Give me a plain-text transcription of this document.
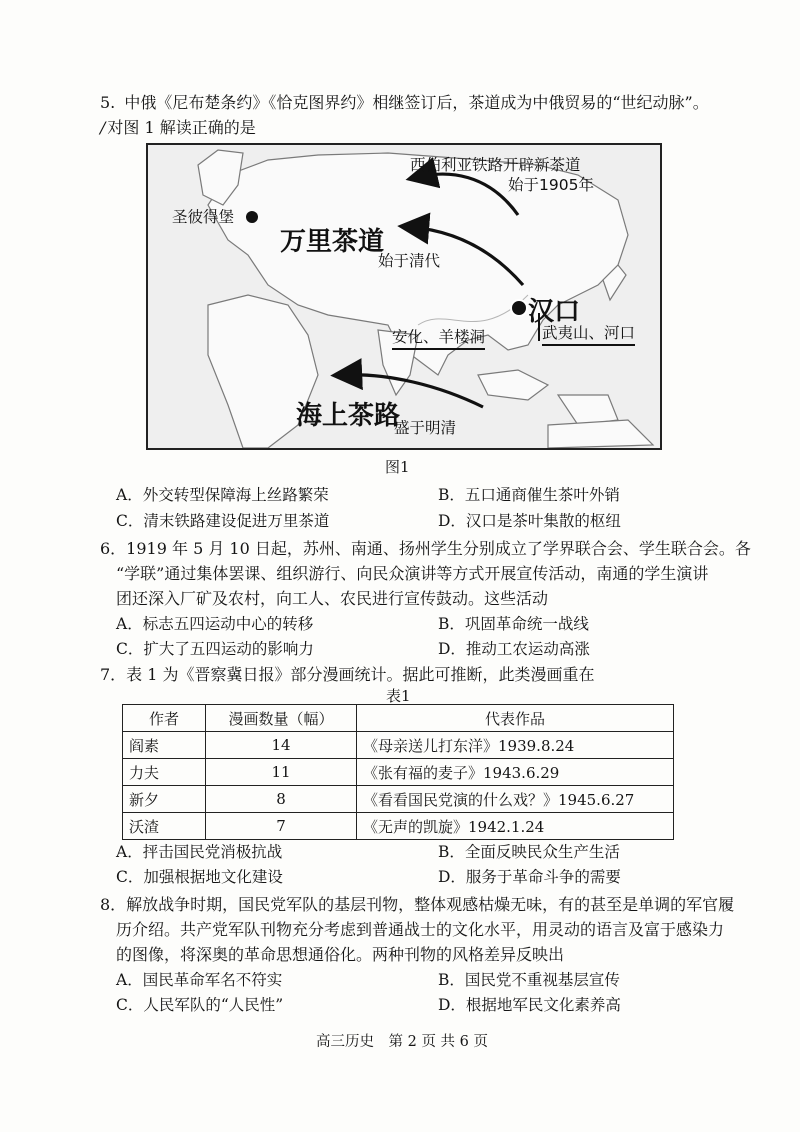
5. 中俄《尼布楚条约》《恰克图界约》相继签订后，茶道成为中俄贸易的“世纪动脉”。
/ 对图 1 解读正确的是
西伯利亚铁路开辟新茶道
始于1905年
圣彼得堡
万里茶道
始于清代
汉口
安化、羊楼洞	武夷山、河口
海上茶路
盛于明清
图1
A．外交转型保障海上丝路繁荣	B．五口通商催生茶叶外销
C．清末铁路建设促进万里茶道	D．汉口是茶叶集散的枢纽
6．1919 年 5 月 10 日起，苏州、南通、扬州学生分别成立了学界联合会、学生联合会。各
“学联”通过集体罢课、组织游行、向民众演讲等方式开展宣传活动，南通的学生演讲
团还深入厂矿及农村，向工人、农民进行宣传鼓动。这些活动
A．标志五四运动中心的转移	B．巩固革命统一战线
C．扩大了五四运动的影响力	D．推动工农运动高涨
7．表 1 为《晋察冀日报》部分漫画统计。据此可推断，此类漫画重在
表1
作者	漫画数量（幅）	代表作品
阎素	14	《母亲送儿打东洋》1939.8.24
力夫	11	《张有福的麦子》1943.6.29
新夕	8	《看看国民党演的什么戏？》1945.6.27
沃渣	7	《无声的凯旋》1942.1.24
A．抨击国民党消极抗战	B．全面反映民众生产生活
C．加强根据地文化建设	D．服务于革命斗争的需要
8．解放战争时期，国民党军队的基层刊物，整体观感枯燥无味，有的甚至是单调的军官履
历介绍。共产党军队刊物充分考虑到普通战士的文化水平，用灵动的语言及富于感染力
的图像，将深奥的革命思想通俗化。两种刊物的风格差异反映出
A．国民革命军名不符实	B．国民党不重视基层宣传
C．人民军队的“人民性”	D．根据地军民文化素养高
高三历史　第 2 页 共 6 页
